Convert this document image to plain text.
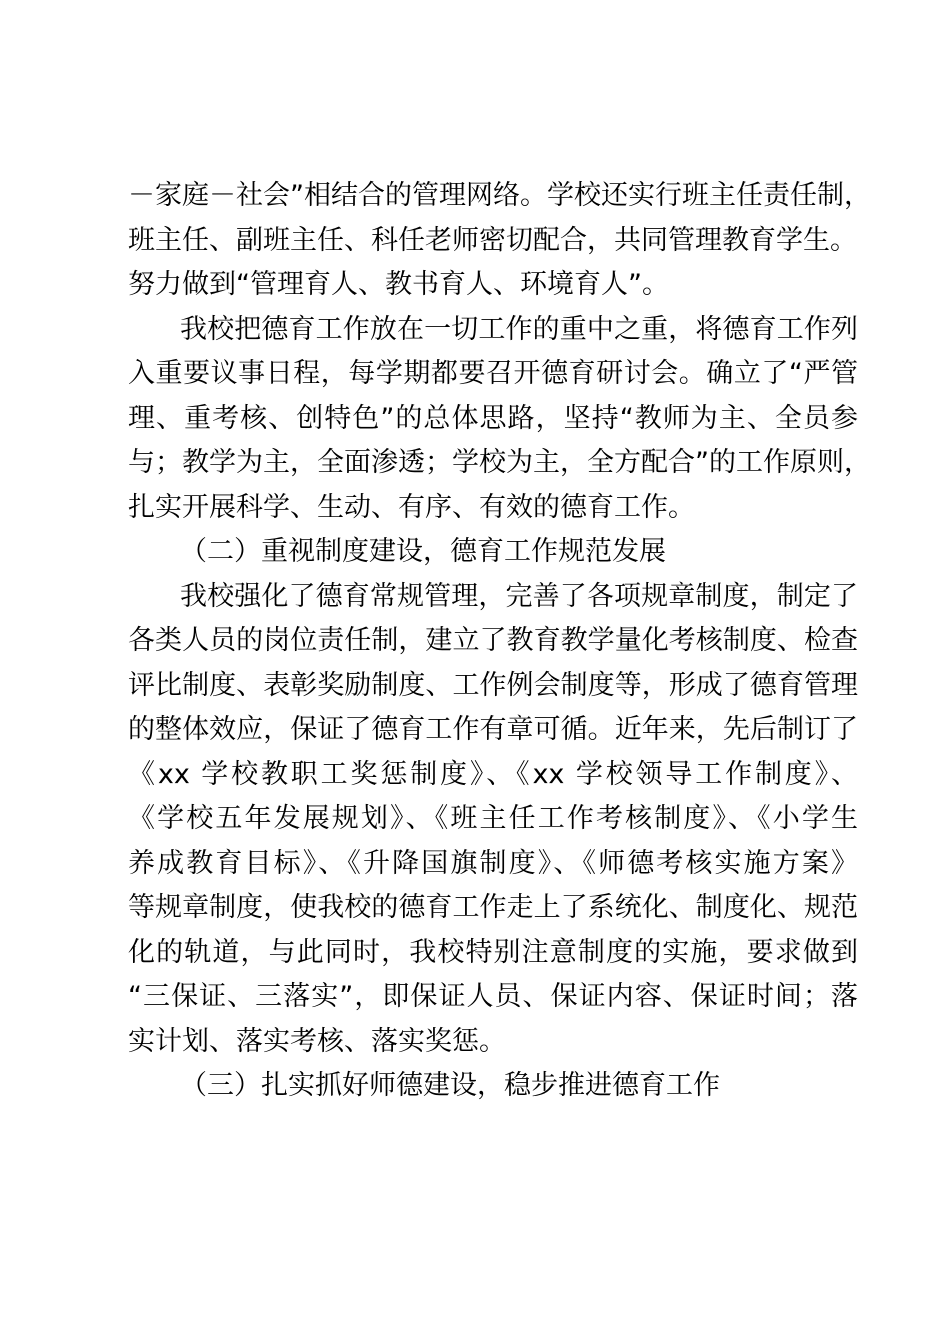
－家庭－社会”相结合的管理网络。学校还实行班主任责任制，
班主任、副班主任、科任老师密切配合，共同管理教育学生。
努力做到“管理育人、教书育人、环境育人”。
我校把德育工作放在一切工作的重中之重，将德育工作列
入重要议事日程，每学期都要召开德育研讨会。确立了“严管
理、重考核、创特色”的总体思路，坚持“教师为主、全员参
与；教学为主，全面渗透；学校为主，全方配合”的工作原则，
扎实开展科学、生动、有序、有效的德育工作。
（二）重视制度建设，德育工作规范发展
我校强化了德育常规管理，完善了各项规章制度，制定了
各类人员的岗位责任制，建立了教育教学量化考核制度、检查
评比制度、表彰奖励制度、工作例会制度等，形成了德育管理
的整体效应，保证了德育工作有章可循。近年来，先后制订了
《xx 学校教职工奖惩制度》、《xx 学校领导工作制度》、
《学校五年发展规划》、《班主任工作考核制度》、《小学生
养成教育目标》、《升降国旗制度》、《师德考核实施方案》
等规章制度，使我校的德育工作走上了系统化、制度化、规范
化的轨道，与此同时，我校特别注意制度的实施，要求做到
“三保证、三落实”，即保证人员、保证内容、保证时间；落
实计划、落实考核、落实奖惩。
（三）扎实抓好师德建设，稳步推进德育工作
